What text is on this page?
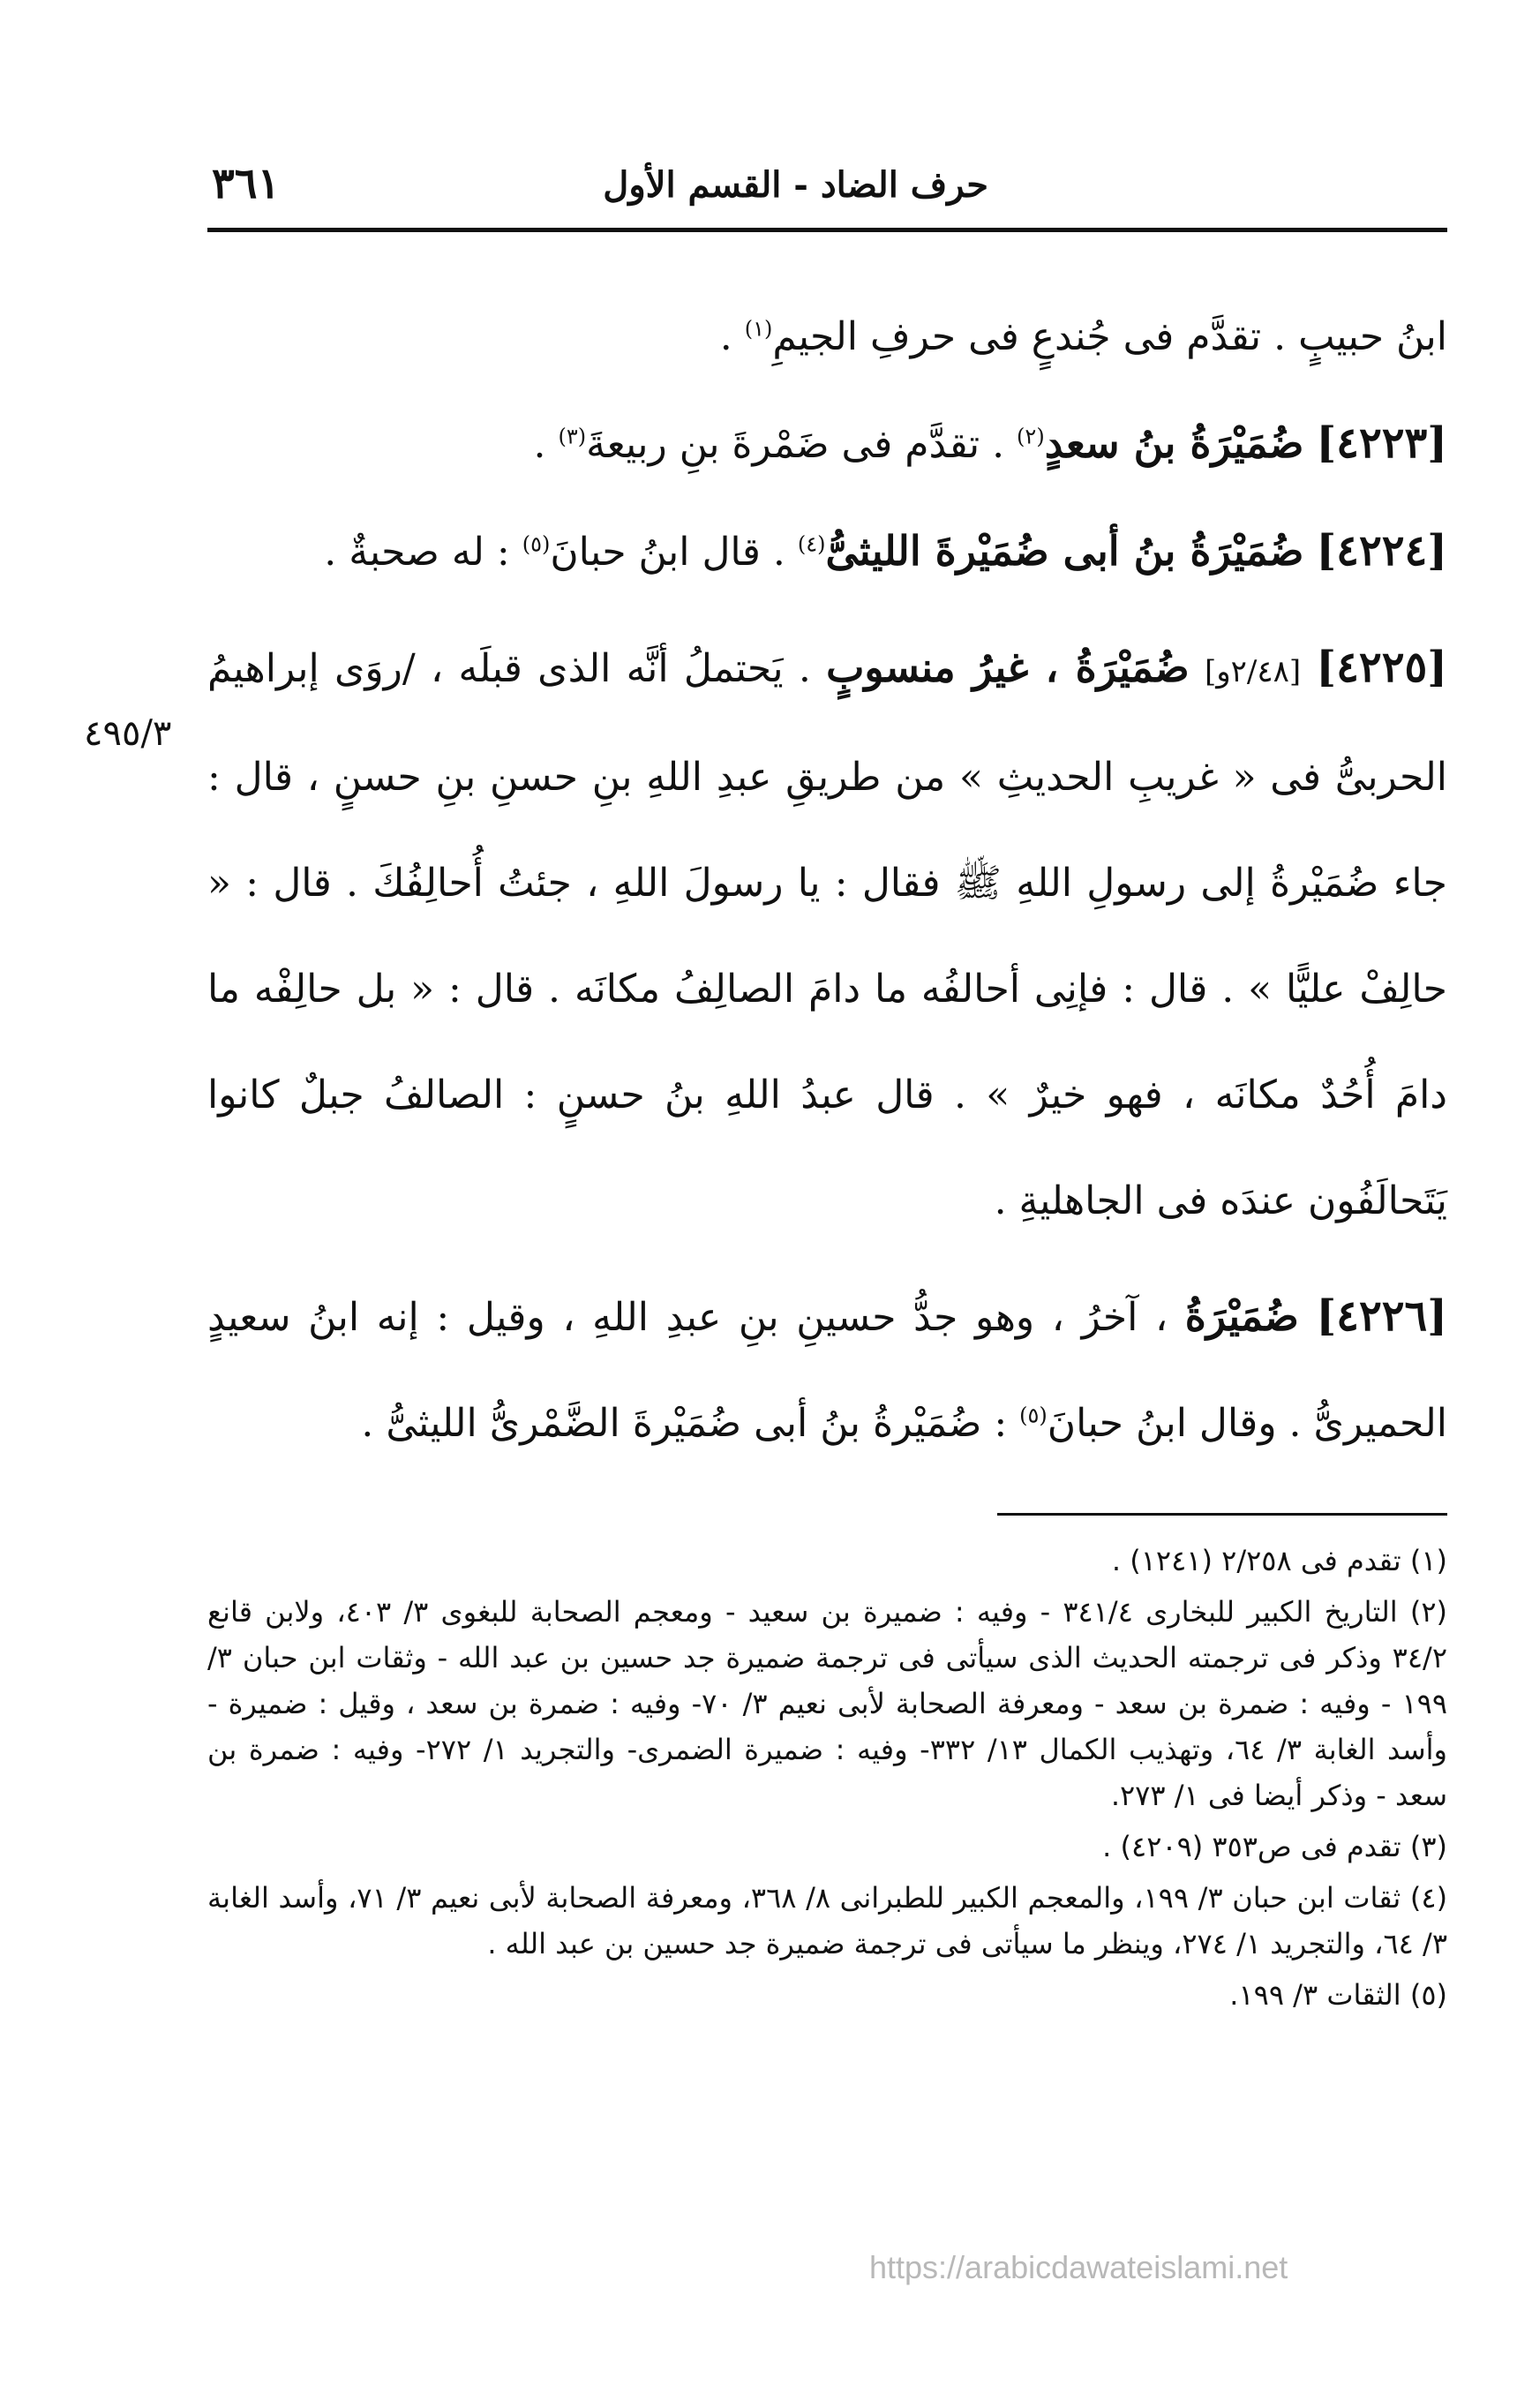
٣٦١	حرف الضاد - القسم الأول
٤٩٥/٣

ابنُ حبيبٍ . تقدَّم فى جُندعٍ فى حرفِ الجيمِ$^{(١)}$ .

[٤٢٢٣] ضُمَيْرَةُ بنُ سعدٍ$^{(٢)}$ . تقدَّم فى ضَمْرةَ بنِ ربيعةَ$^{(٣)}$ .

[٤٢٢٤] ضُمَيْرَةُ بنُ أبى ضُمَيْرةَ الليثىُّ$^{(٤)}$ . قال ابنُ حبانَ$^{(٥)}$ : له صحبةٌ .

[٤٢٢٥] [٢/٤٨و] ضُمَيْرَةُ ، غيرُ منسوبٍ . يَحتملُ أنَّه الذى قبلَه ، /روَى إبراهيمُ الحربىُّ فى « غريبِ الحديثِ » من طريقِ عبدِ اللهِ بنِ حسنِ بنِ حسنٍ ، قال : جاء ضُمَيْرةُ إلى رسولِ اللهِ ﷺ فقال : يا رسولَ اللهِ ، جئتُ أُحالِفُكَ . قال : « حالِفْ عليًّا » . قال : فإنِى أحالفُه ما دامَ الصالِفُ مكانَه . قال : « بل حالِفْه ما دامَ أُحُدٌ مكانَه ، فهو خيرٌ » . قال عبدُ اللهِ بنُ حسنٍ : الصالفُ جبلٌ كانوا يَتَحالَفُون عندَه فى الجاهليةِ .

[٤٢٢٦] ضُمَيْرَةُ ، آخرُ ، وهو جدُّ حسينِ بنِ عبدِ اللهِ ، وقيل : إنه ابنُ سعيدٍ الحميرىُّ . وقال ابنُ حبانَ$^{(٥)}$ : ضُمَيْرةُ بنُ أبى ضُمَيْرةَ الضَّمْرىُّ الليثىُّ .

(١) تقدم فى ٢/٢٥٨ (١٢٤١) .

(٢) التاريخ الكبير للبخارى ٣٤١/٤ - وفيه : ضميرة بن سعيد - ومعجم الصحابة للبغوى ٣/ ٤٠٣، ولابن قانع ٣٤/٢ وذكر فى ترجمته الحديث الذى سيأتى فى ترجمة ضميرة جد حسين بن عبد الله - وثقات ابن حبان ٣/ ١٩٩ - وفيه : ضمرة بن سعد - ومعرفة الصحابة لأبى نعيم ٣/ ٧٠- وفيه : ضمرة بن سعد ، وقيل : ضميرة - وأسد الغابة ٣/ ٦٤، وتهذيب الكمال ١٣/ ٣٣٢- وفيه : ضميرة الضمرى- والتجريد ١/ ٢٧٢- وفيه : ضمرة بن سعد - وذكر أيضا فى ١/ ٢٧٣.

(٣) تقدم فى ص٣٥٣ (٤٢٠٩) .

(٤) ثقات ابن حبان ٣/ ١٩٩، والمعجم الكبير للطبرانى ٨/ ٣٦٨، ومعرفة الصحابة لأبى نعيم ٣/ ٧١، وأسد الغابة ٣/ ٦٤، والتجريد ١/ ٢٧٤، وينظر ما سيأتى فى ترجمة ضميرة جد حسين بن عبد الله .

(٥) الثقات ٣/ ١٩٩.

https://arabicdawateislami.net
